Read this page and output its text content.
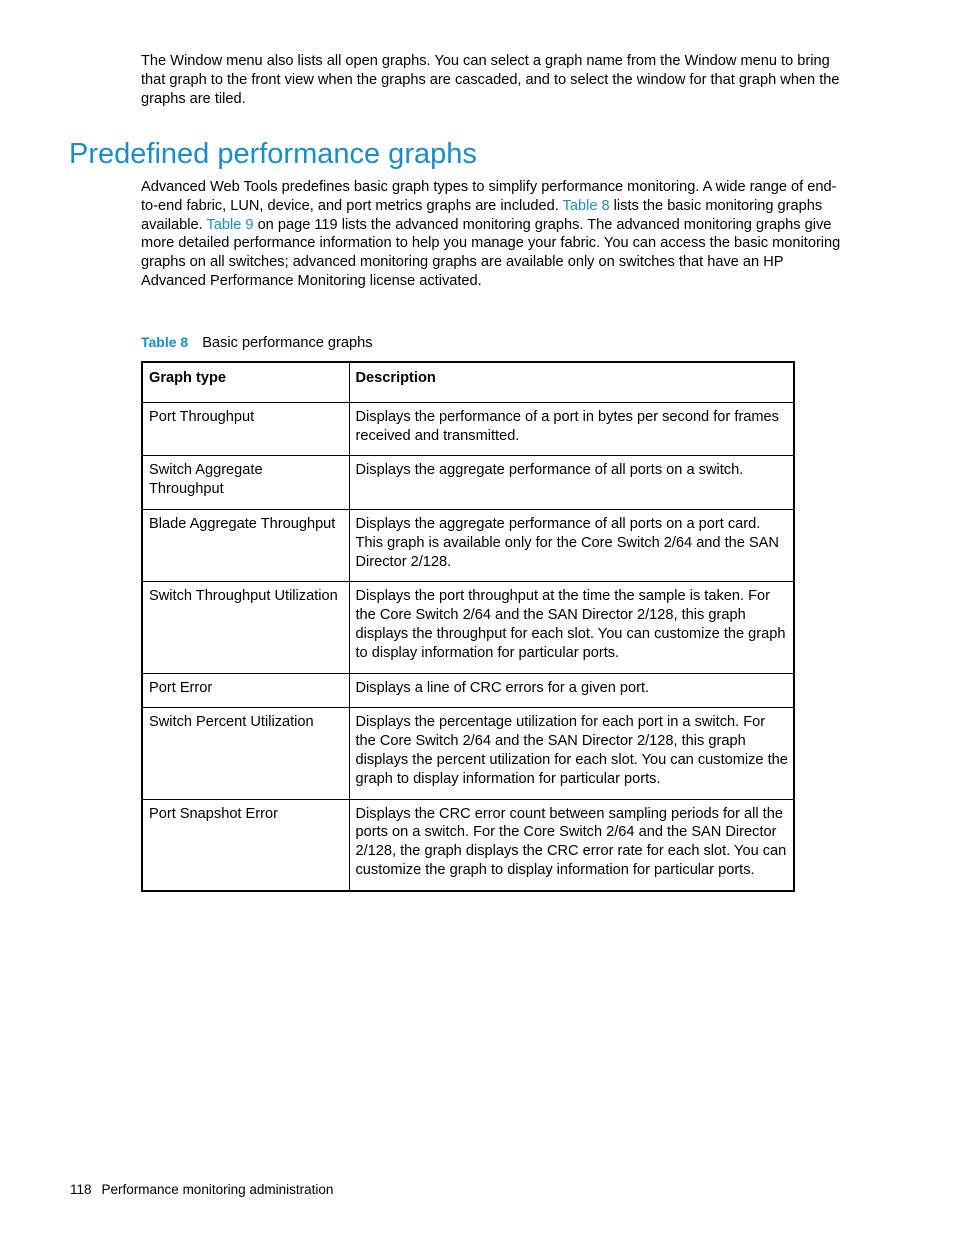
The Window menu also lists all open graphs. You can select a graph name from the Window menu to bring that graph to the front view when the graphs are cascaded, and to select the window for that graph when the graphs are tiled.

Predefined performance graphs

Advanced Web Tools predefines basic graph types to simplify performance monitoring. A wide range of end-to-end fabric, LUN, device, and port metrics graphs are included. Table 8 lists the basic monitoring graphs available. Table 9 on page 119 lists the advanced monitoring graphs. The advanced monitoring graphs give more detailed performance information to help you manage your fabric. You can access the basic monitoring graphs on all switches; advanced monitoring graphs are available only on switches that have an HP Advanced Performance Monitoring license activated.

Table 8 Basic performance graphs

Graph type	Description
Port Throughput	Displays the performance of a port in bytes per second for frames received and transmitted.
Switch Aggregate Throughput	Displays the aggregate performance of all ports on a switch.
Blade Aggregate Throughput	Displays the aggregate performance of all ports on a port card. This graph is available only for the Core Switch 2/64 and the SAN Director 2/128.
Switch Throughput Utilization	Displays the port throughput at the time the sample is taken. For the Core Switch 2/64 and the SAN Director 2/128, this graph displays the throughput for each slot. You can customize the graph to display information for particular ports.
Port Error	Displays a line of CRC errors for a given port.
Switch Percent Utilization	Displays the percentage utilization for each port in a switch. For the Core Switch 2/64 and the SAN Director 2/128, this graph displays the percent utilization for each slot. You can customize the graph to display information for particular ports.
Port Snapshot Error	Displays the CRC error count between sampling periods for all the ports on a switch. For the Core Switch 2/64 and the SAN Director 2/128, the graph displays the CRC error rate for each slot. You can customize the graph to display information for particular ports.
118 Performance monitoring administration
